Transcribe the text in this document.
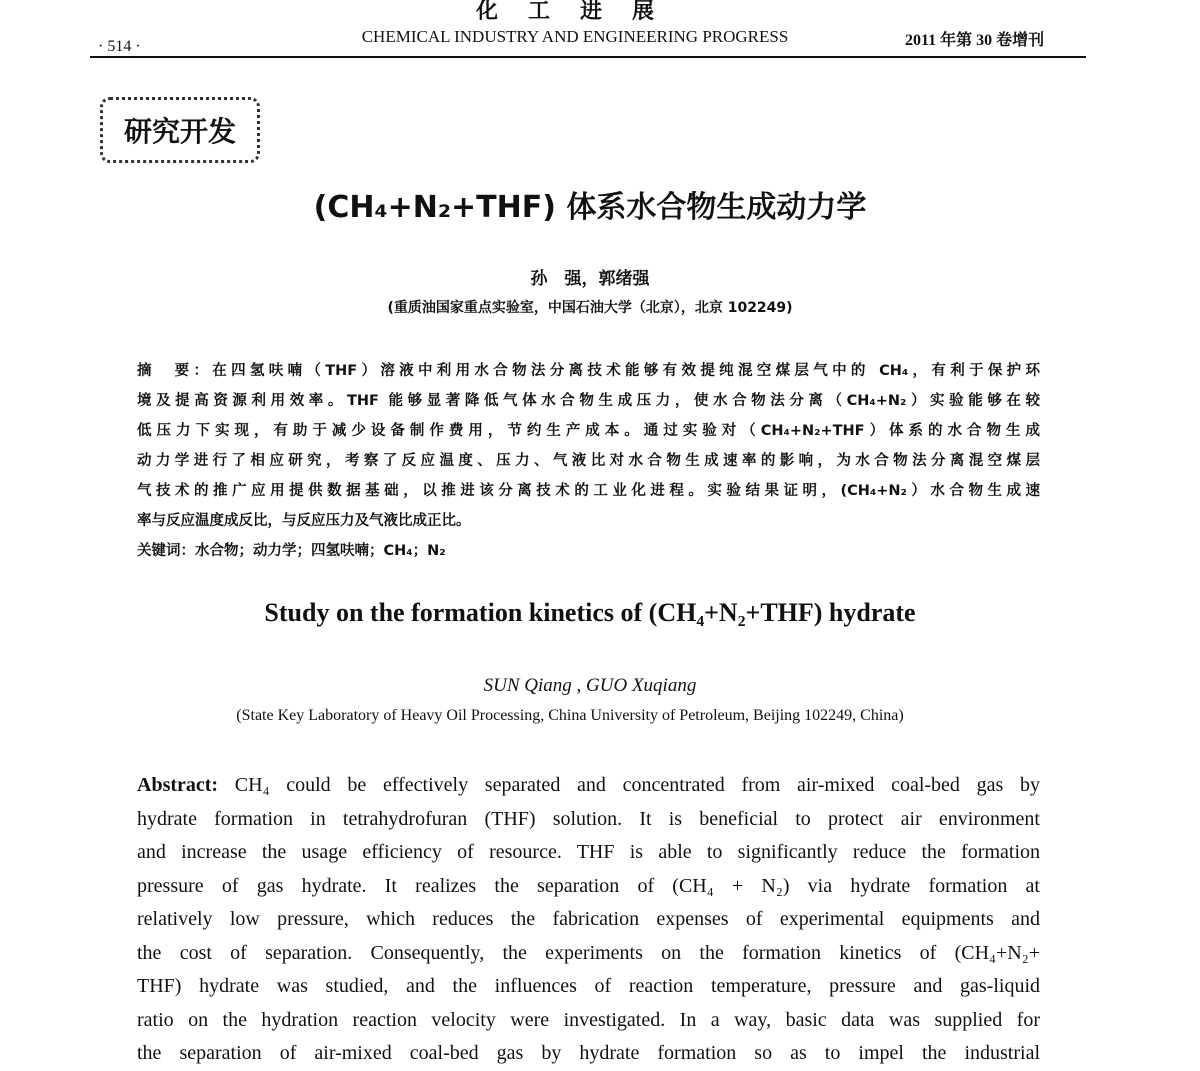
化工进展
· 514 ·
CHEMICAL INDUSTRY AND ENGINEERING PROGRESS	2011 年第 30 卷增刊
研究开发
(CH₄+N₂+THF) 体系水合物生成动力学
孙　强，郭绪强
(重质油国家重点实验室，中国石油大学（北京），北京 102249)
摘　要：在四氢呋喃（THF）溶液中利用水合物法分离技术能够有效提纯混空煤层气中的 CH₄，有利于保护环
境及提高资源利用效率。THF 能够显著降低气体水合物生成压力，使水合物法分离（CH₄+N₂）实验能够在较
低压力下实现，有助于减少设备制作费用，节约生产成本。通过实验对（CH₄+N₂+THF）体系的水合物生成
动力学进行了相应研究，考察了反应温度、压力、气液比对水合物生成速率的影响，为水合物法分离混空煤层
气技术的推广应用提供数据基础，以推进该分离技术的工业化进程。实验结果证明，(CH₄+N₂）水合物生成速
率与反应温度成反比，与反应压力及气液比成正比。
关键词：水合物；动力学；四氢呋喃；CH₄；N₂
Study on the formation kinetics of (CH₄+N₂+THF) hydrate
SUN Qiang , GUO Xuqiang
(State Key Laboratory of Heavy Oil Processing, China University of Petroleum, Beijing 102249, China)
Abstract: CH₄ could be effectively separated and concentrated from air-mixed coal-bed gas by
hydrate formation in tetrahydrofuran (THF) solution. It is beneficial to protect air environment
and increase the usage efficiency of resource. THF is able to significantly reduce the formation
pressure of gas hydrate. It realizes the separation of (CH₄ + N₂) via hydrate formation at
relatively low pressure, which reduces the fabrication expenses of experimental equipments and
the cost of separation. Consequently, the experiments on the formation kinetics of (CH₄+N₂+
THF) hydrate was studied, and the influences of reaction temperature, pressure and gas-liquid
ratio on the hydration reaction velocity were investigated. In a way, basic data was supplied for
the separation of air-mixed coal-bed gas by hydrate formation so as to impel the industrial
